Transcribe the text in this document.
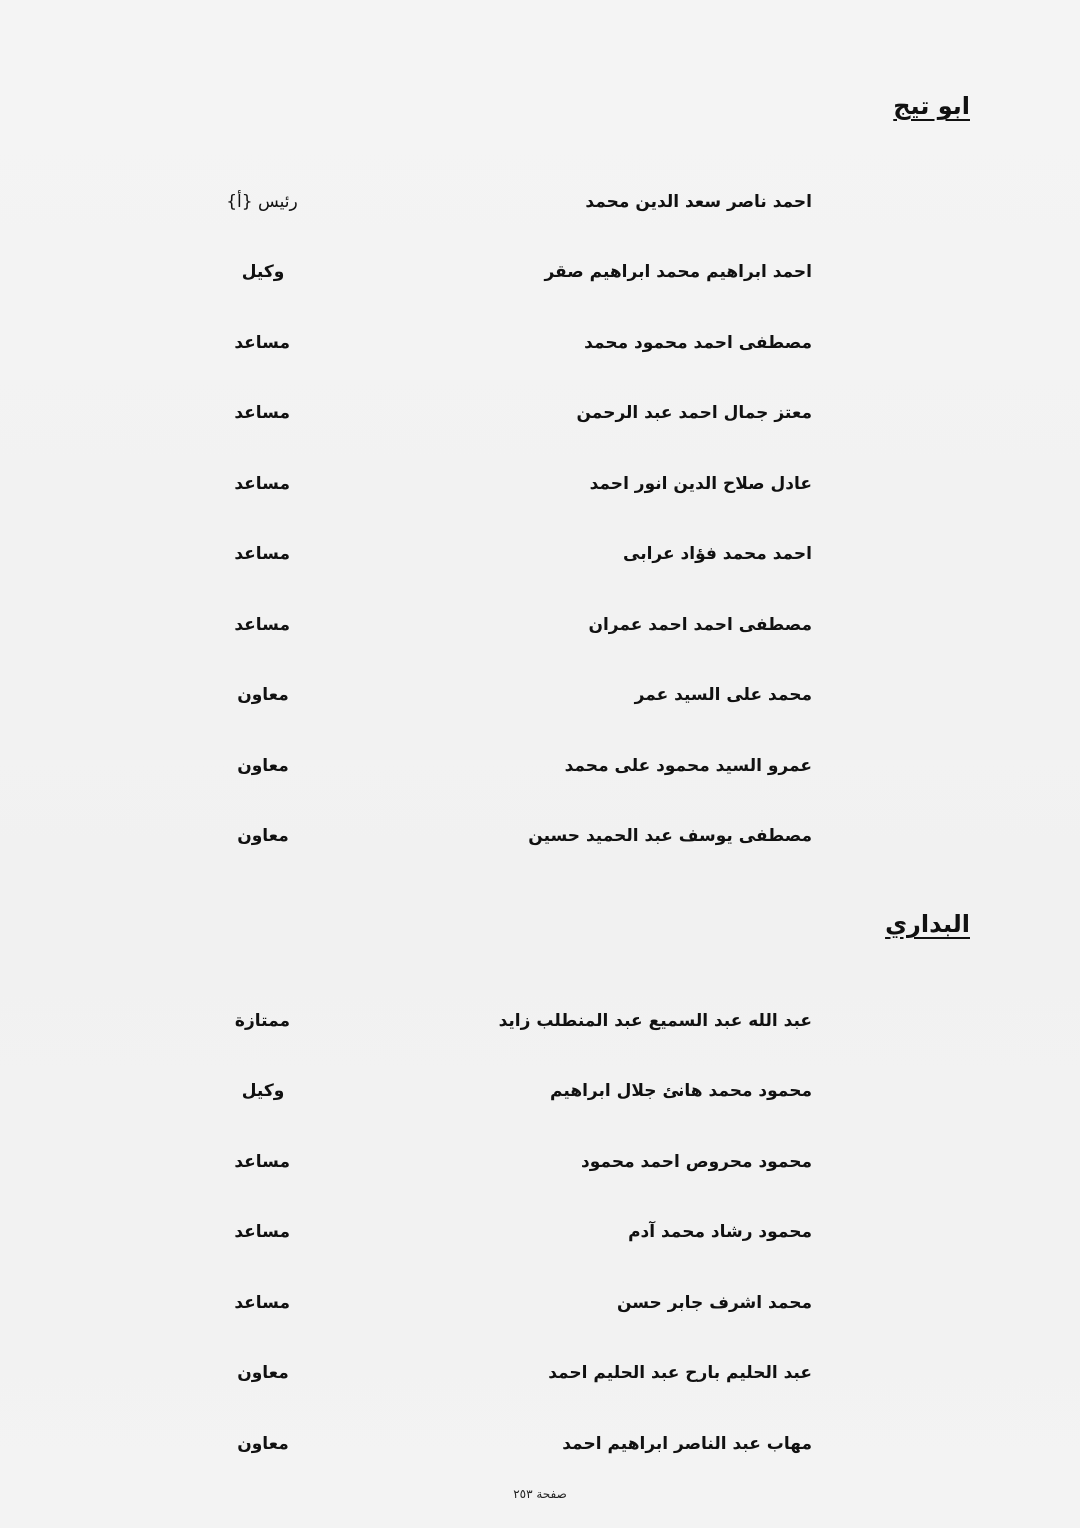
ابو تيج
احمد ناصر سعد الدين محمد
رئيس {أ}
احمد ابراهيم محمد ابراهيم صقر
وكيل
مصطفى احمد محمود محمد
مساعد
معتز جمال احمد عبد الرحمن
مساعد
عادل صلاح الدين انور احمد
مساعد
احمد محمد فؤاد عرابى
مساعد
مصطفى احمد احمد عمران
مساعد
محمد على السيد عمر
معاون
عمرو السيد محمود على محمد
معاون
مصطفى يوسف عبد الحميد حسين
معاون
البداري
عبد الله عبد السميع عبد المنطلب زايد
ممتازة
محمود محمد هانئ جلال ابراهيم
وكيل
محمود محروص احمد محمود
مساعد
محمود رشاد محمد آدم
مساعد
محمد اشرف جابر حسن
مساعد
عبد الحليم بارح عبد الحليم احمد
معاون
مهاب عبد الناصر ابراهيم احمد
معاون
صفحة ٢٥٣
